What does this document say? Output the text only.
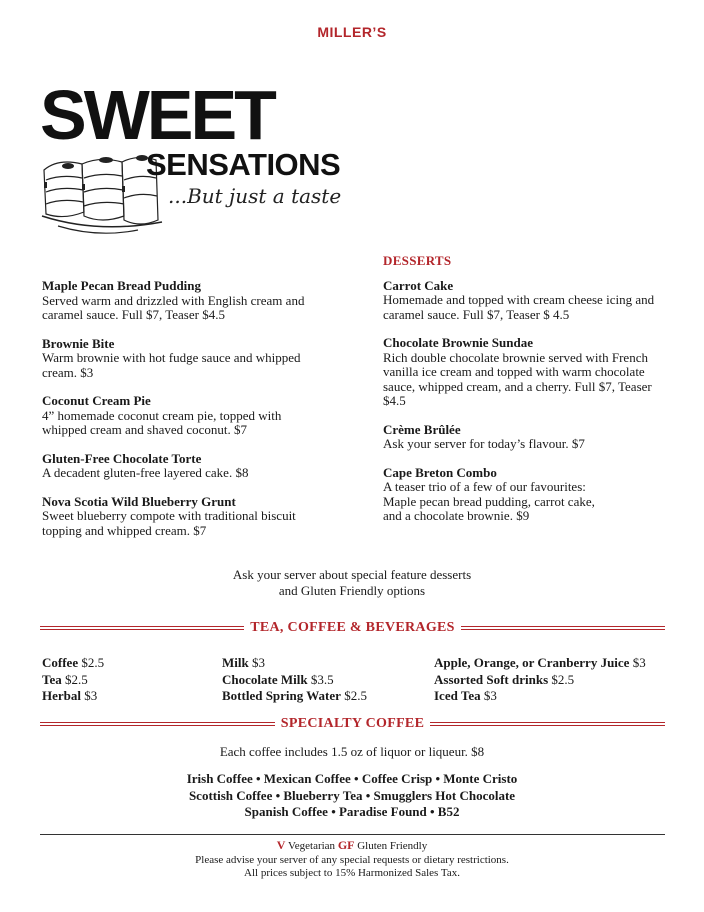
MILLER’S
SWEET
SENSATIONS
...But just a taste
Maple Pecan Bread Pudding
Served warm and drizzled with English cream and
caramel sauce. Full $7, Teaser $4.5
Brownie Bite
Warm brownie with hot fudge sauce and whipped
cream. $3
Coconut Cream Pie
4” homemade coconut cream pie, topped with
whipped cream and shaved coconut. $7
Gluten-Free Chocolate Torte
A decadent gluten-free layered cake. $8
Nova Scotia Wild Blueberry Grunt
Sweet blueberry compote with traditional biscuit
topping and whipped cream. $7
DESSERTS
Carrot Cake
Homemade and topped with cream cheese icing and
caramel sauce. Full $7, Teaser $ 4.5
Chocolate Brownie Sundae
Rich double chocolate brownie served with French
vanilla ice cream and topped with warm chocolate
sauce, whipped cream, and a cherry. Full $7, Teaser
$4.5
Crème Brûlée
Ask your server for today’s flavour. $7
Cape Breton Combo
A teaser trio of a few of our favourites:
Maple pecan bread pudding, carrot cake,
and a chocolate brownie. $9
Ask your server about special feature desserts
and Gluten Friendly options
TEA, COFFEE & BEVERAGES
Coffee $2.5
Tea $2.5
Herbal $3
Milk $3
Chocolate Milk $3.5
Bottled Spring Water $2.5
Apple, Orange, or Cranberry Juice $3
Assorted Soft drinks $2.5
Iced Tea $3
SPECIALTY COFFEE
Each coffee includes 1.5 oz of liquor or liqueur. $8
Irish Coffee • Mexican Coffee • Coffee Crisp • Monte Cristo
Scottish Coffee • Blueberry Tea • Smugglers Hot Chocolate
Spanish Coffee • Paradise Found • B52
V Vegetarian GF Gluten Friendly
Please advise your server of any special requests or dietary restrictions.
All prices subject to 15% Harmonized Sales Tax.
